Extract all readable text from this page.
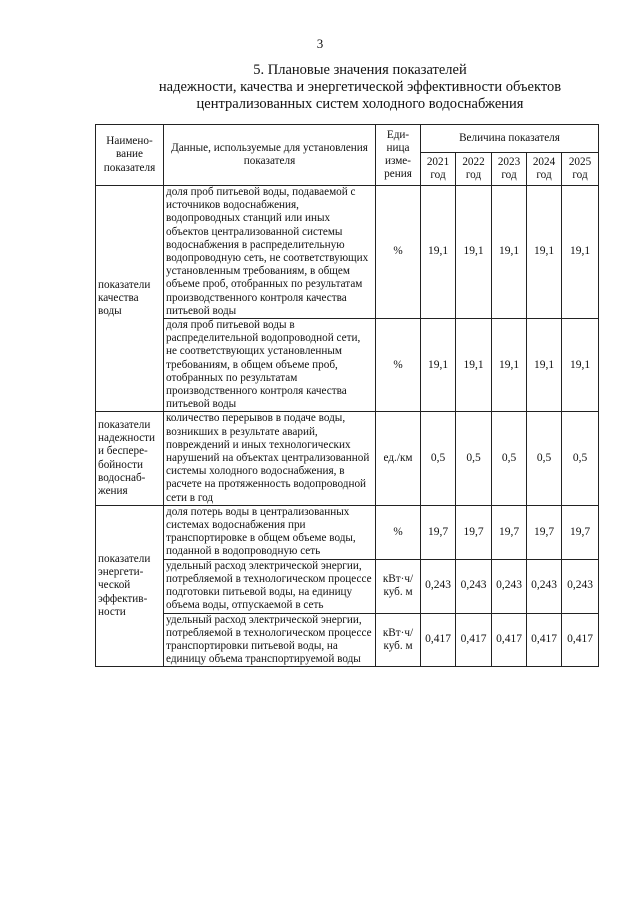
3
5. Плановые значения показателей
надежности, качества и энергетической эффективности объектов
централизованных систем холодного водоснабжения
Наимено-вание показателя	Данные, используемые для установления показателя	Еди-ница изме-рения	Величина показателя				
			2021 год	2022 год	2023 год	2024 год	2025 год
показатели качества воды	доля проб питьевой воды, подаваемой с источников водоснабжения, водопроводных станций или иных объектов централизованной системы водоснабжения в распределительную водопроводную сеть, не соответствующих установленным требованиям, в общем объеме проб, отобранных по результатам производственного контроля качества питьевой воды	%	19,1	19,1	19,1	19,1	19,1
	доля проб питьевой воды в распределительной водопроводной сети, не соответствующих установленным требованиям, в общем объеме проб, отобранных по результатам производственного контроля качества питьевой воды	%	19,1	19,1	19,1	19,1	19,1
показатели надежности и беспере-бойности водоснаб-жения	количество перерывов в подаче воды, возникших в результате аварий, повреждений и иных технологических нарушений на объектах централизованной системы холодного водоснабжения, в расчете на протяженность водопроводной сети в год	ед./км	0,5	0,5	0,5	0,5	0,5
показатели энергети-ческой эффектив-ности	доля потерь воды в централизованных системах водоснабжения при транспортировке в общем объеме воды, поданной в водопроводную сеть	%	19,7	19,7	19,7	19,7	19,7
	удельный расход электрической энергии, потребляемой в технологическом процессе подготовки питьевой воды, на единицу объема воды, отпускаемой в сеть	кВт·ч/ куб. м	0,243	0,243	0,243	0,243	0,243
	удельный расход электрической энергии, потребляемой в технологическом процессе транспортировки питьевой воды, на единицу объема транспортируемой воды	кВт·ч/ куб. м	0,417	0,417	0,417	0,417	0,417
